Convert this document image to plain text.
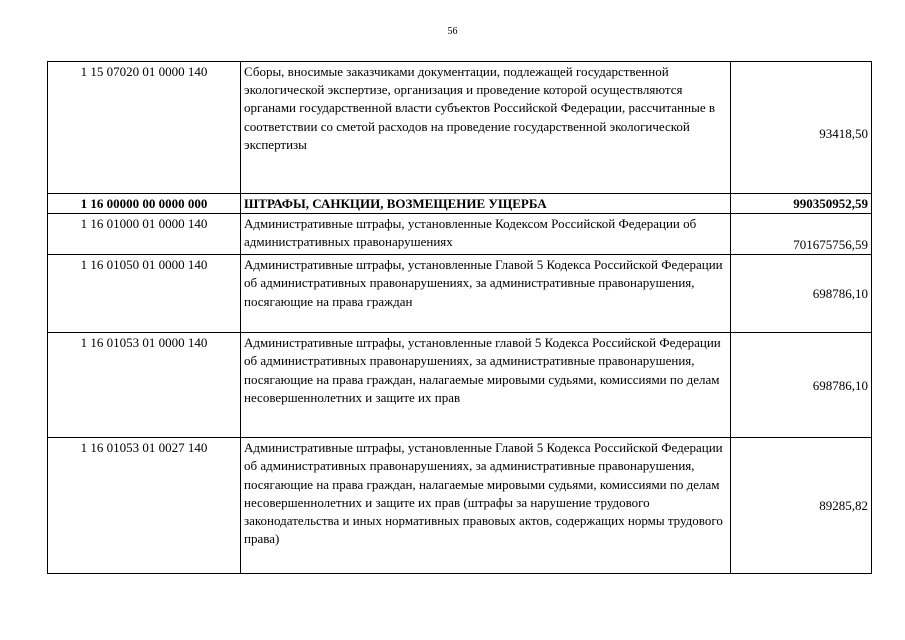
56
1 15 07020 01 0000 140	Сборы, вносимые заказчиками документации, подлежащей государственной экологической экспертизе, организация и проведение которой осуществляются органами государственной власти субъектов Российской Федерации, рассчитанные в соответствии со сметой расходов на проведение государственной экологической экспертизы	93418,50
1 16 00000 00 0000 000	ШТРАФЫ, САНКЦИИ, ВОЗМЕЩЕНИЕ УЩЕРБА	990350952,59
1 16 01000 01 0000 140	Административные штрафы, установленные Кодексом Российской Федерации об административных правонарушениях	701675756,59
1 16 01050 01 0000 140	Административные штрафы, установленные Главой 5 Кодекса Российской Федерации об административных правонарушениях, за административные правонарушения, посягающие на права граждан	698786,10
1 16 01053 01 0000 140	Административные штрафы, установленные главой 5 Кодекса Российской Федерации об административных правонарушениях, за административные правонарушения, посягающие на права граждан, налагаемые мировыми судьями, комиссиями по делам несовершеннолетних и защите их прав	698786,10
1 16 01053 01 0027 140	Административные штрафы, установленные Главой 5 Кодекса Российской Федерации об административных правонарушениях, за административные правонарушения, посягающие на права граждан, налагаемые мировыми судьями, комиссиями по делам несовершеннолетних и защите их прав (штрафы за нарушение трудового законодательства и иных нормативных правовых актов, содержащих нормы трудового права)	89285,82
